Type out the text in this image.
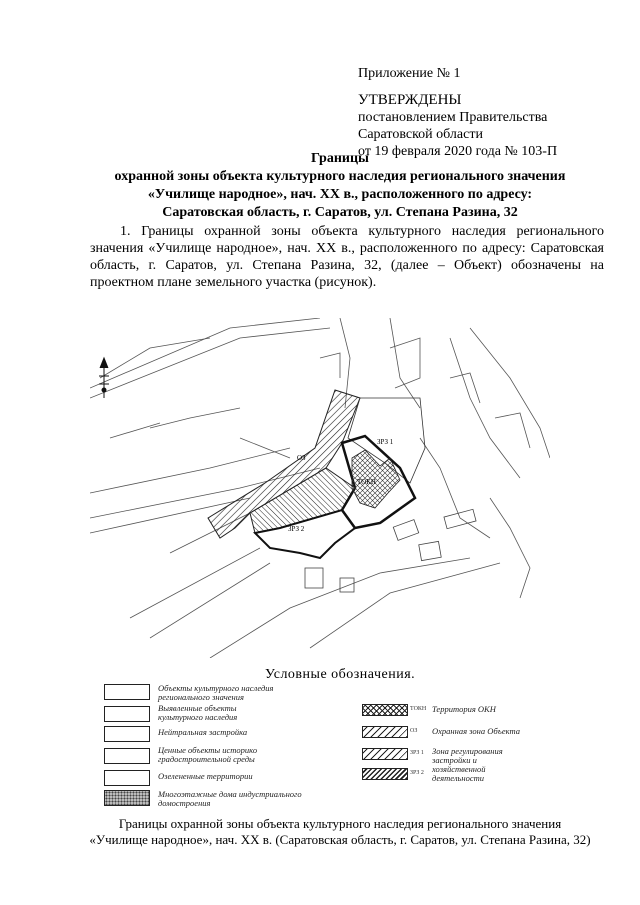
Приложение № 1
УТВЕРЖДЕНЫ
постановлением Правительства
Саратовской области
от 19 февраля 2020 года № 103-П
Границы
охранной зоны объекта культурного наследия регионального значения
«Училище народное», нач. ХХ в., расположенного по адресу:
Саратовская область, г. Саратов, ул. Степана Разина, 32
1. Границы охранной зоны объекта культурного наследия регионального значения «Училище народное», нач. ХХ в., расположенного по адресу: Саратовская область, г. Саратов, ул. Степана Разина, 32, (далее – Объект) обозначены на проектном плане земельного участка (рисунок).
ЗРЗ 1
ОЗ
ТОКН
ЗРЗ 2
Условные обозначения.
Объекты культурного наследия регионального значения
Выявленные объекты культурного наследия
Нейтральная застройка
Ценные объекты историко градостроительной среды
Озелененные территории
Многоэтажные дома индустриального домостроения
ТОКН Территория ОКН
ОЗ Охранная зона Объекта
ЗРЗ 1 Зона регулирования застройки и хозяйственной деятельности
ЗРЗ 2
Границы охранной зоны объекта культурного наследия регионального значения
«Училище народное», нач. ХХ в. (Саратовская область, г. Саратов, ул. Степана Разина, 32)
